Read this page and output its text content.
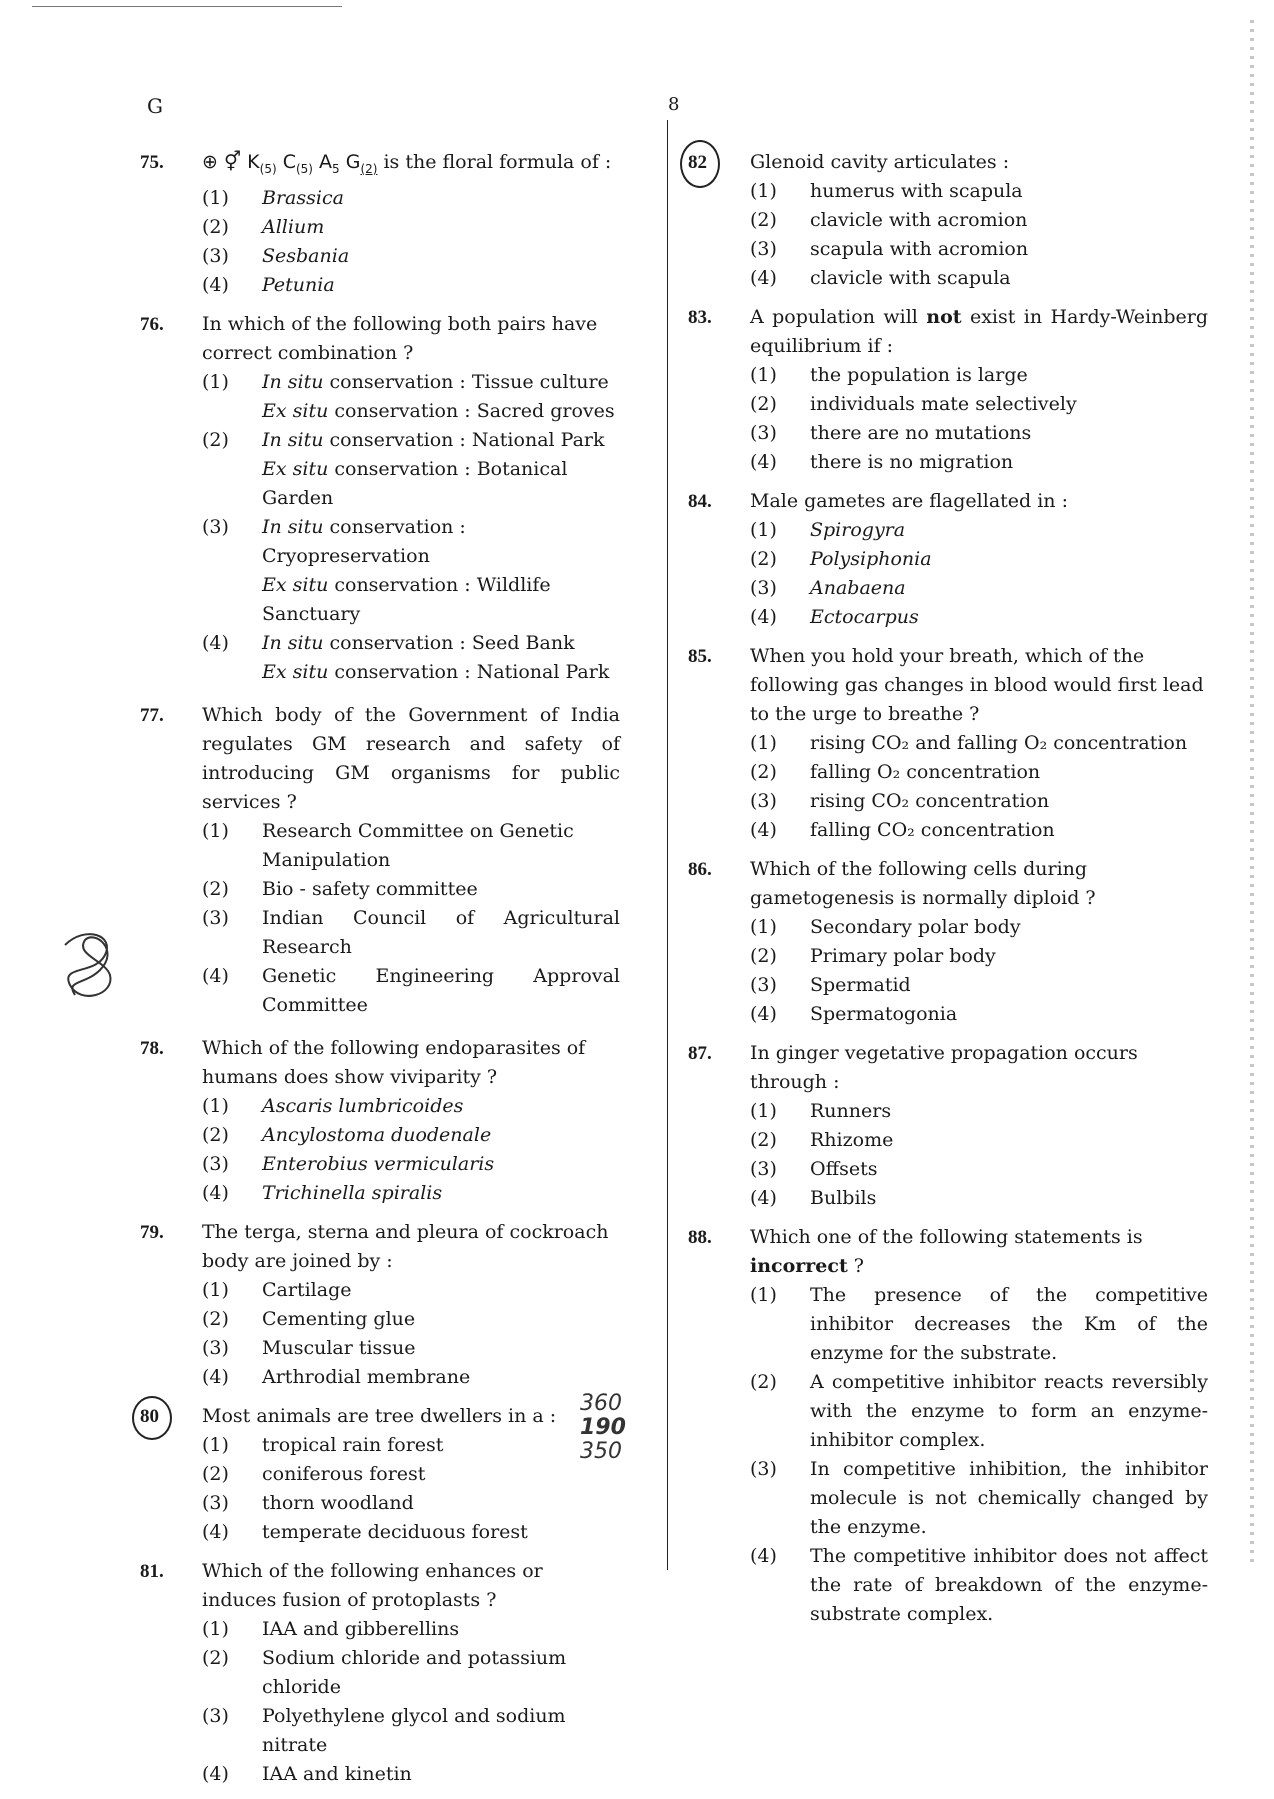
G	8
75. ⊕ ⚥ $K_{(5)}$ $C_{(5)}$ $A_5$ $G_{(2)}$ is the floral formula of :
(1)	Brassica
(2)	Allium
(3)	Sesbania
(4)	Petunia
76. In which of the following both pairs have correct combination ?
(1)	In situ conservation : Tissue culture
Ex situ conservation : Sacred groves
(2)	In situ conservation : National Park
Ex situ conservation : Botanical Garden
(3)	In situ conservation : Cryopreservation
Ex situ conservation : Wildlife Sanctuary
(4)	In situ conservation : Seed Bank
Ex situ conservation : National Park
77. Which body of the Government of India regulates GM research and safety of introducing GM organisms for public services ?
(1)	Research Committee on Genetic Manipulation
(2)	Bio - safety committee
(3)	Indian Council of Agricultural Research
(4)	Genetic Engineering Approval Committee
78. Which of the following endoparasites of humans does show viviparity ?
(1)	Ascaris lumbricoides
(2)	Ancylostoma duodenale
(3)	Enterobius vermicularis
(4)	Trichinella spiralis
79. The terga, sterna and pleura of cockroach body are joined by :
(1)	Cartilage
(2)	Cementing glue
(3)	Muscular tissue
(4)	Arthrodial membrane
80 Most animals are tree dwellers in a :
(1)	tropical rain forest
(2)	coniferous forest
(3)	thorn woodland
(4)	temperate deciduous forest
360
190
350
81. Which of the following enhances or induces fusion of protoplasts ?
(1)	IAA and gibberellins
(2)	Sodium chloride and potassium chloride
(3)	Polyethylene glycol and sodium nitrate
(4)	IAA and kinetin
82 Glenoid cavity articulates :
(1)	humerus with scapula
(2)	clavicle with acromion
(3)	scapula with acromion
(4)	clavicle with scapula
83. A population will not exist in Hardy-Weinberg equilibrium if :
(1)	the population is large
(2)	individuals mate selectively
(3)	there are no mutations
(4)	there is no migration
84. Male gametes are flagellated in :
(1)	Spirogyra
(2)	Polysiphonia
(3)	Anabaena
(4)	Ectocarpus
85. When you hold your breath, which of the following gas changes in blood would first lead to the urge to breathe ?
(1)	rising CO₂ and falling O₂ concentration
(2)	falling O₂ concentration
(3)	rising CO₂ concentration
(4)	falling CO₂ concentration
86. Which of the following cells during gametogenesis is normally diploid ?
(1)	Secondary polar body
(2)	Primary polar body
(3)	Spermatid
(4)	Spermatogonia
87. In ginger vegetative propagation occurs through :
(1)	Runners
(2)	Rhizome
(3)	Offsets
(4)	Bulbils
88. Which one of the following statements is incorrect ?
(1)	The presence of the competitive inhibitor decreases the Km of the enzyme for the substrate.
(2)	A competitive inhibitor reacts reversibly with the enzyme to form an enzyme-inhibitor complex.
(3)	In competitive inhibition, the inhibitor molecule is not chemically changed by the enzyme.
(4)	The competitive inhibitor does not affect the rate of breakdown of the enzyme-substrate complex.
